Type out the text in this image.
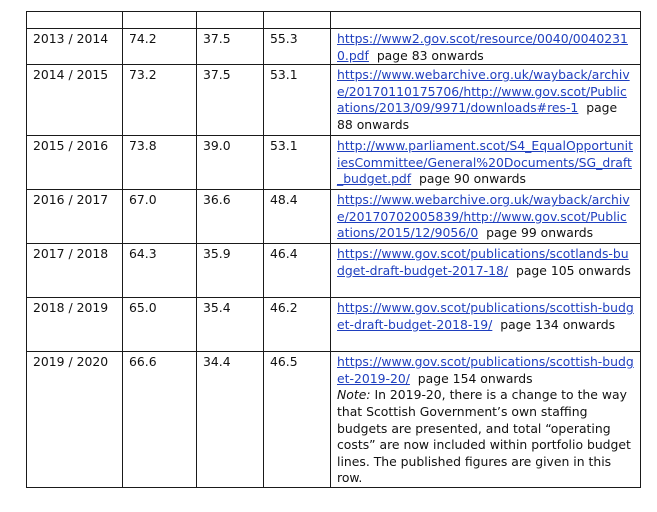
2013 / 2014	74.2	37.5	55.3	https://www2.gov.scot/resource/0040/00402310.pdf page 83 onwards
2014 / 2015	73.2	37.5	53.1	https://www.webarchive.org.uk/wayback/archive/20170110175706/http://www.gov.scot/Publications/2013/09/9971/downloads#res-1 page 88 onwards
2015 / 2016	73.8	39.0	53.1	http://www.parliament.scot/S4_EqualOpportunitiesCommittee/General%20Documents/SG_draft_budget.pdf page 90 onwards
2016 / 2017	67.0	36.6	48.4	https://www.webarchive.org.uk/wayback/archive/20170702005839/http://www.gov.scot/Publications/2015/12/9056/0 page 99 onwards
2017 / 2018	64.3	35.9	46.4	https://www.gov.scot/publications/scotlands-budget-draft-budget-2017-18/ page 105 onwards
2018 / 2019	65.0	35.4	46.2	https://www.gov.scot/publications/scottish-budget-draft-budget-2018-19/ page 134 onwards
2019 / 2020	66.6	34.4	46.5	https://www.gov.scot/publications/scottish-budget-2019-20/ page 154 onwards
Note: In 2019-20, there is a change to the way that Scottish Government’s own staffing budgets are presented, and total “operating costs” are now included within portfolio budget lines. The published figures are given in this row.
